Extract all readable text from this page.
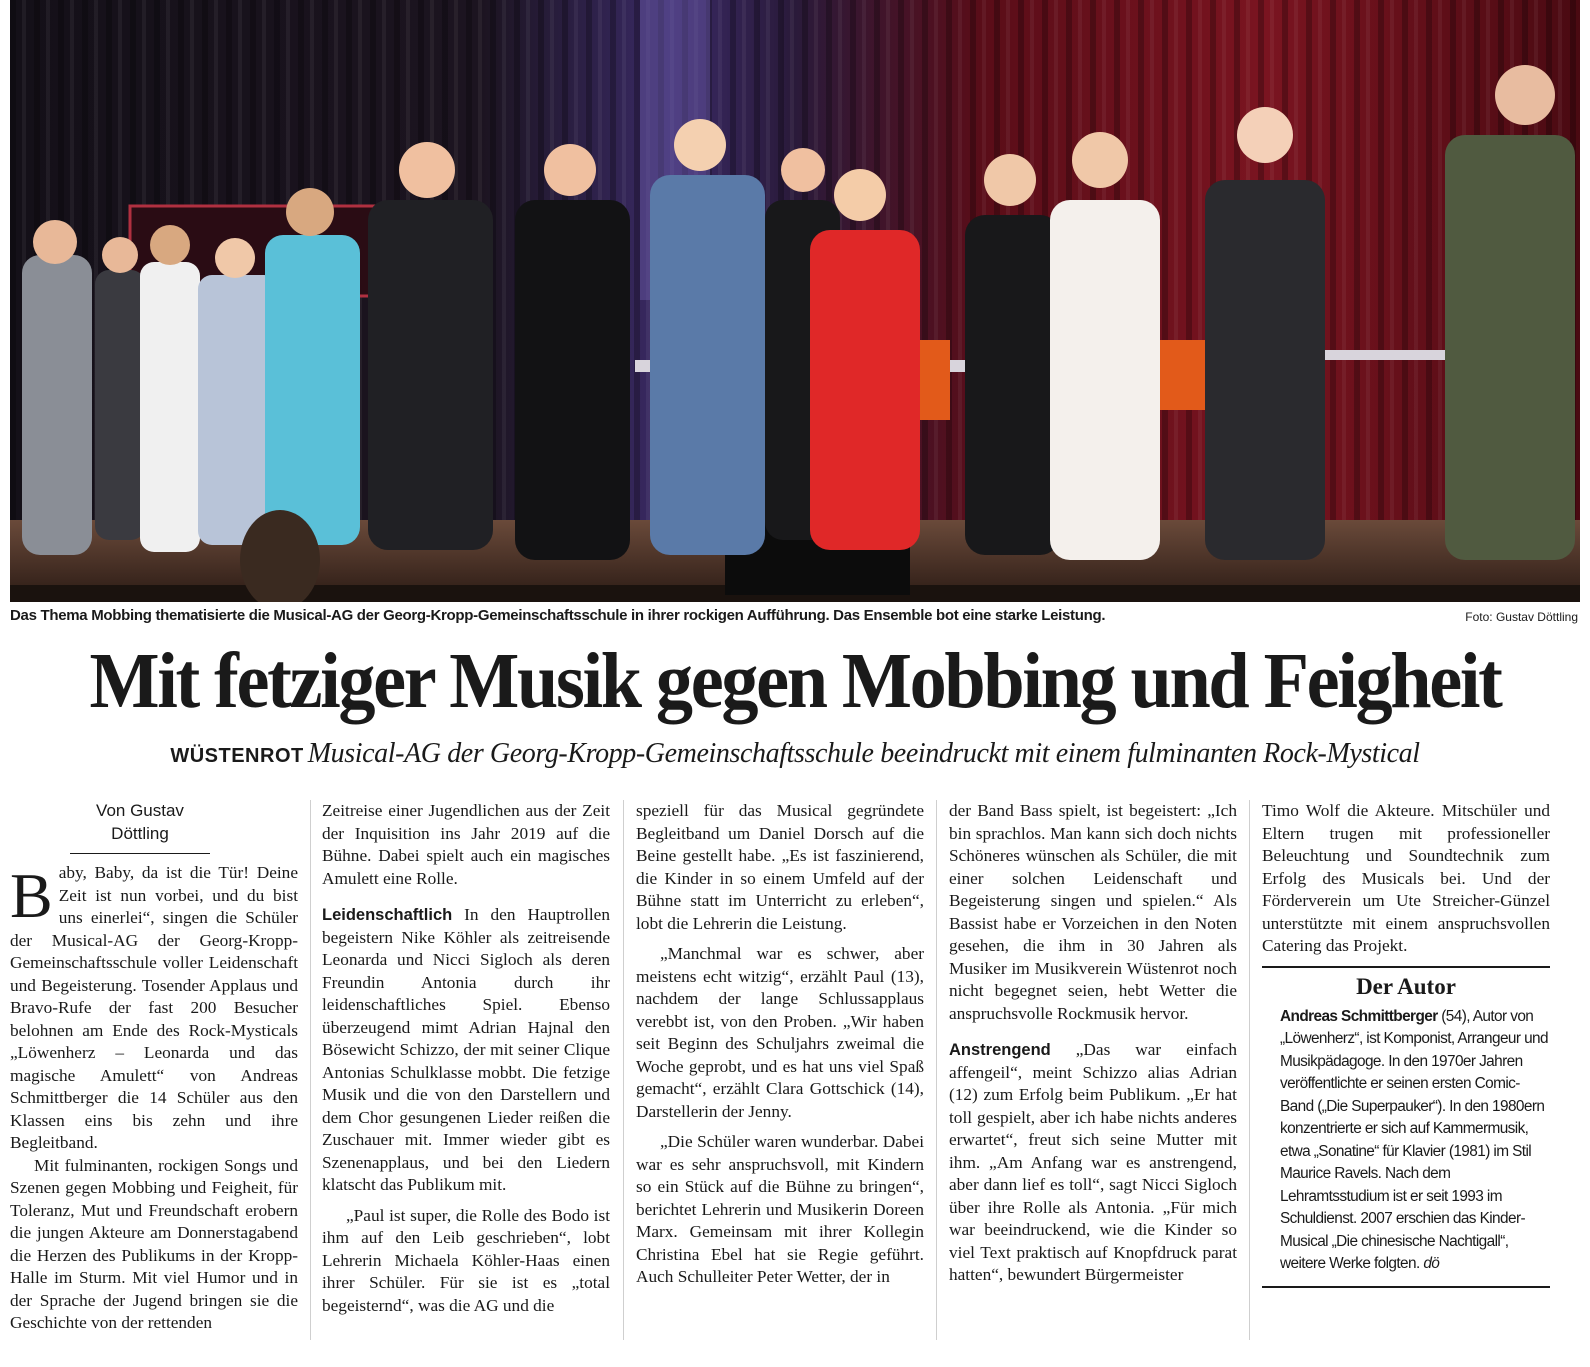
Das Thema Mobbing thematisierte die Musical-AG der Georg-Kropp-Gemeinschaftsschule in ihrer rockigen Aufführung. Das Ensemble bot eine starke Leistung.	Foto: Gustav Döttling
Mit fetziger Musik gegen Mobbing und Feigheit
WÜSTENROT Musical-AG der Georg-Kropp-Gemeinschaftsschule beeindruckt mit einem fulminanten Rock-Mystical
Von Gustav Döttling

Baby, Baby, da ist die Tür! Deine Zeit ist nun vorbei, und du bist uns einerlei“, singen die Schüler der Musical-AG der Georg-Kropp-Gemeinschaftsschule voller Leidenschaft und Begeisterung. Tosender Applaus und Bravo-Rufe der fast 200 Besucher belohnen am Ende des Rock-Mysticals „Löwenherz – Leonarda und das magische Amulett“ von Andreas Schmittberger die 14 Schüler aus den Klassen eins bis zehn und ihre Begleitband.

Mit fulminanten, rockigen Songs und Szenen gegen Mobbing und Feigheit, für Toleranz, Mut und Freundschaft erobern die jungen Akteure am Donnerstagabend die Herzen des Publikums in der Kropp-Halle im Sturm. Mit viel Humor und in der Sprache der Jugend bringen sie die Geschichte von der rettenden

Zeitreise einer Jugendlichen aus der Zeit der Inquisition ins Jahr 2019 auf die Bühne. Dabei spielt auch ein magisches Amulett eine Rolle.

Leidenschaftlich In den Hauptrollen begeistern Nike Köhler als zeitreisende Leonarda und Nicci Sigloch als deren Freundin Antonia durch ihr leidenschaftliches Spiel. Ebenso überzeugend mimt Adrian Hajnal den Bösewicht Schizzo, der mit seiner Clique Antonias Schulklasse mobbt. Die fetzige Musik und die von den Darstellern und dem Chor gesungenen Lieder reißen die Zuschauer mit. Immer wieder gibt es Szenenapplaus, und bei den Liedern klatscht das Publikum mit.

„Paul ist super, die Rolle des Bodo ist ihm auf den Leib geschrieben“, lobt Lehrerin Michaela Köhler-Haas einen ihrer Schüler. Für sie ist es „total begeisternd“, was die AG und die

speziell für das Musical gegründete Begleitband um Daniel Dorsch auf die Beine gestellt habe. „Es ist faszinierend, die Kinder in so einem Umfeld auf der Bühne statt im Unterricht zu erleben“, lobt die Lehrerin die Leistung.

„Manchmal war es schwer, aber meistens echt witzig“, erzählt Paul (13), nachdem der lange Schlussapplaus verebbt ist, von den Proben. „Wir haben seit Beginn des Schuljahrs zweimal die Woche geprobt, und es hat uns viel Spaß gemacht“, erzählt Clara Gottschick (14), Darstellerin der Jenny.

„Die Schüler waren wunderbar. Dabei war es sehr anspruchsvoll, mit Kindern so ein Stück auf die Bühne zu bringen“, berichtet Lehrerin und Musikerin Doreen Marx. Gemeinsam mit ihrer Kollegin Christina Ebel hat sie Regie geführt. Auch Schulleiter Peter Wetter, der in

der Band Bass spielt, ist begeistert: „Ich bin sprachlos. Man kann sich doch nichts Schöneres wünschen als Schüler, die mit einer solchen Leidenschaft und Begeisterung singen und spielen.“ Als Bassist habe er Vorzeichen in den Noten gesehen, die ihm in 30 Jahren als Musiker im Musikverein Wüstenrot noch nicht begegnet seien, hebt Wetter die anspruchsvolle Rockmusik hervor.

Anstrengend „Das war einfach affengeil“, meint Schizzo alias Adrian (12) zum Erfolg beim Publikum. „Er hat toll gespielt, aber ich habe nichts anderes erwartet“, freut sich seine Mutter mit ihm. „Am Anfang war es anstrengend, aber dann lief es toll“, sagt Nicci Sigloch über ihre Rolle als Antonia. „Für mich war beeindruckend, wie die Kinder so viel Text praktisch auf Knopfdruck parat hatten“, bewundert Bürgermeister

Timo Wolf die Akteure. Mitschüler und Eltern trugen mit professioneller Beleuchtung und Soundtechnik zum Erfolg des Musicals bei. Und der Förderverein um Ute Streicher-Günzel unterstützte mit einem anspruchsvollen Catering das Projekt.

Der Autor
Andreas Schmittberger (54), Autor von „Löwenherz“, ist Komponist, Arrangeur und Musikpädagoge. In den 1970er Jahren veröffentlichte er seinen ersten Comic-Band („Die Superpauker“). In den 1980ern konzentrierte er sich auf Kammermusik, etwa „Sonatine“ für Klavier (1981) im Stil Maurice Ravels. Nach dem Lehramtsstudium ist er seit 1993 im Schuldienst. 2007 erschien das Kinder-Musical „Die chinesische Nachtigall“, weitere Werke folgten. dö
